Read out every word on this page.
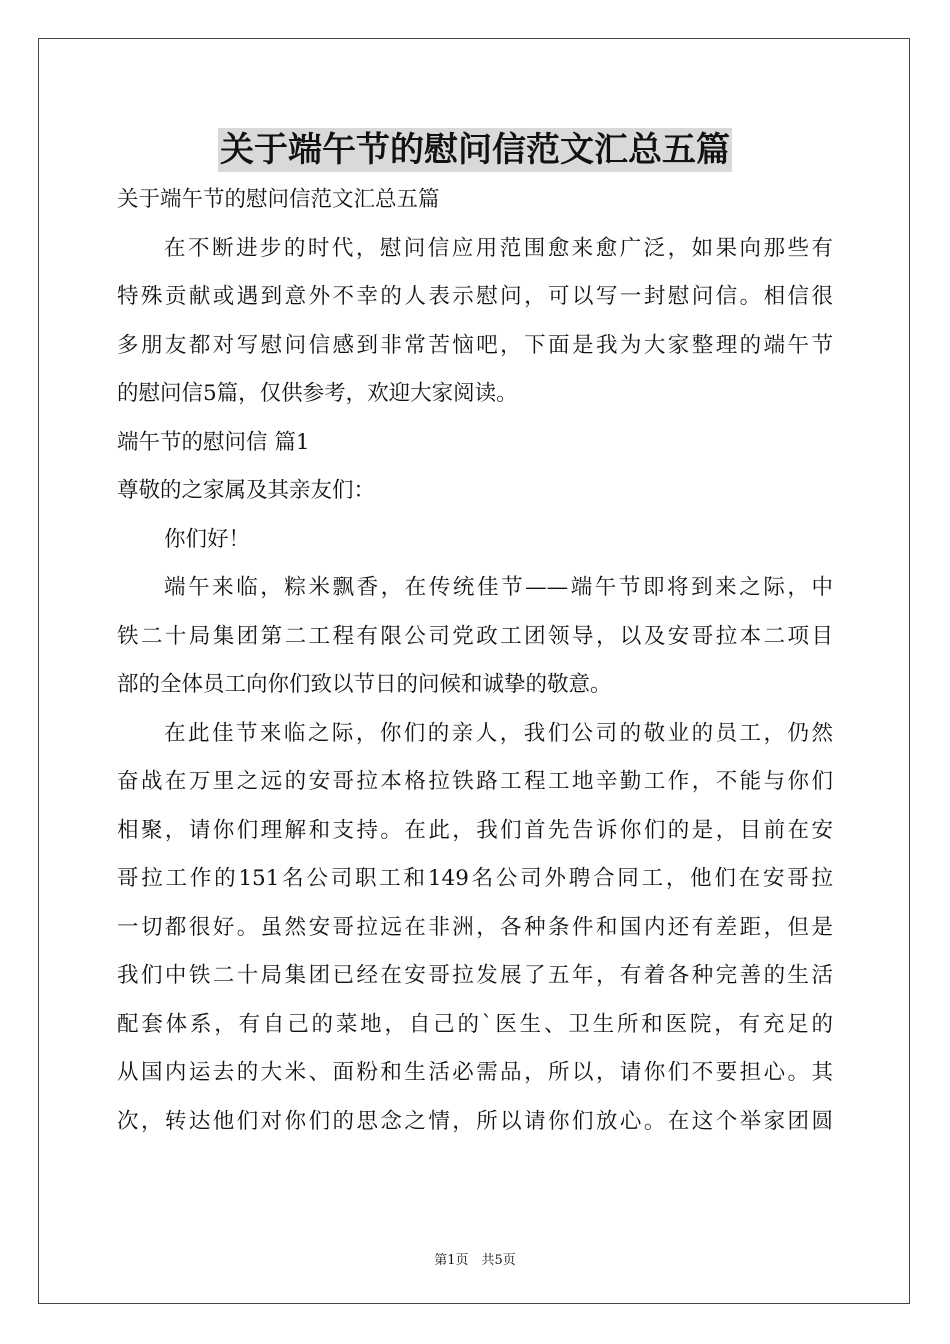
关于端午节的慰问信范文汇总五篇
关于端午节的慰问信范文汇总五篇
在不断进步的时代，慰问信应用范围愈来愈广泛，如果向那些有
特殊贡献或遇到意外不幸的人表示慰问，可以写一封慰问信。相信很
多朋友都对写慰问信感到非常苦恼吧，下面是我为大家整理的端午节
的慰问信5篇，仅供参考，欢迎大家阅读。
端午节的慰问信 篇1
尊敬的之家属及其亲友们：
你们好！
端午来临，粽米飘香，在传统佳节——端午节即将到来之际，中
铁二十局集团第二工程有限公司党政工团领导，以及安哥拉本二项目
部的全体员工向你们致以节日的问候和诚挚的敬意。
在此佳节来临之际，你们的亲人，我们公司的敬业的员工，仍然
奋战在万里之远的安哥拉本格拉铁路工程工地辛勤工作，不能与你们
相聚，请你们理解和支持。在此，我们首先告诉你们的是，目前在安
哥拉工作的151名公司职工和149名公司外聘合同工，他们在安哥拉
一切都很好。虽然安哥拉远在非洲，各种条件和国内还有差距，但是
我们中铁二十局集团已经在安哥拉发展了五年，有着各种完善的生活
配套体系，有自己的菜地，自己的`医生、卫生所和医院，有充足的
从国内运去的大米、面粉和生活必需品，所以，请你们不要担心。其
次，转达他们对你们的思念之情，所以请你们放心。在这个举家团圆
第1页　共5页
